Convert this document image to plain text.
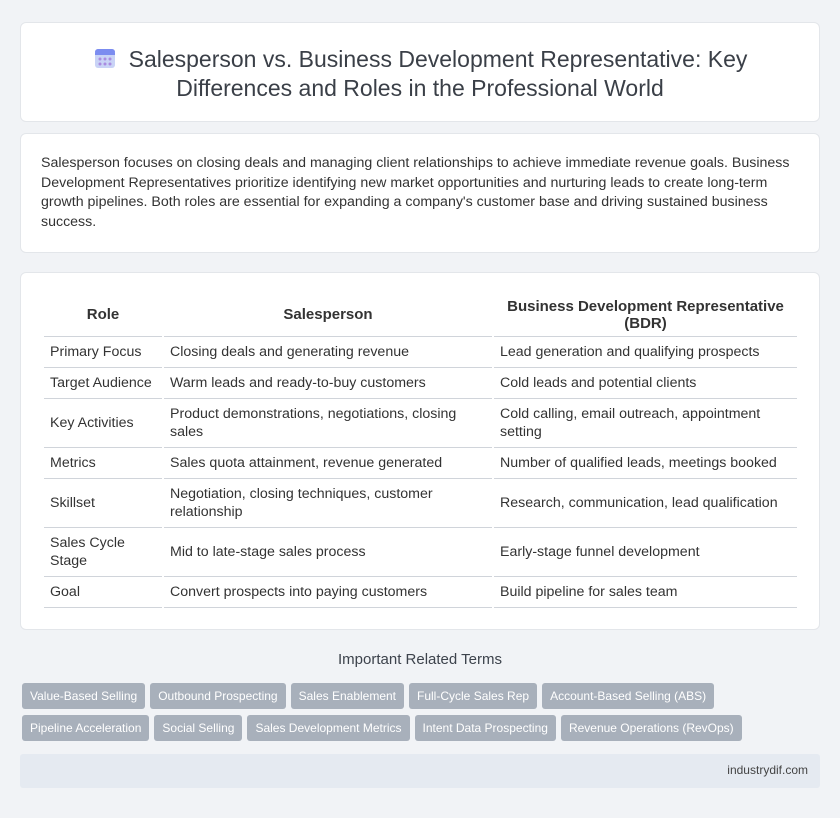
Salesperson vs. Business Development Representative: Key Differences and Roles in the Professional World

Salesperson focuses on closing deals and managing client relationships to achieve immediate revenue goals. Business Development Representatives prioritize identifying new market opportunities and nurturing leads to create long-term growth pipelines. Both roles are essential for expanding a company's customer base and driving sustained business success.

Role	Salesperson	Business Development Representative (BDR)
Primary Focus	Closing deals and generating revenue	Lead generation and qualifying prospects
Target Audience	Warm leads and ready-to-buy customers	Cold leads and potential clients
Key Activities	Product demonstrations, negotiations, closing sales	Cold calling, email outreach, appointment setting
Metrics	Sales quota attainment, revenue generated	Number of qualified leads, meetings booked
Skillset	Negotiation, closing techniques, customer relationship	Research, communication, lead qualification
Sales Cycle Stage	Mid to late-stage sales process	Early-stage funnel development
Goal	Convert prospects into paying customers	Build pipeline for sales team
Important Related Terms
Value-Based Selling Outbound Prospecting Sales Enablement Full-Cycle Sales Rep Account-Based Selling (ABS)
Pipeline Acceleration Social Selling Sales Development Metrics Intent Data Prospecting Revenue Operations (RevOps)
industrydif.com
